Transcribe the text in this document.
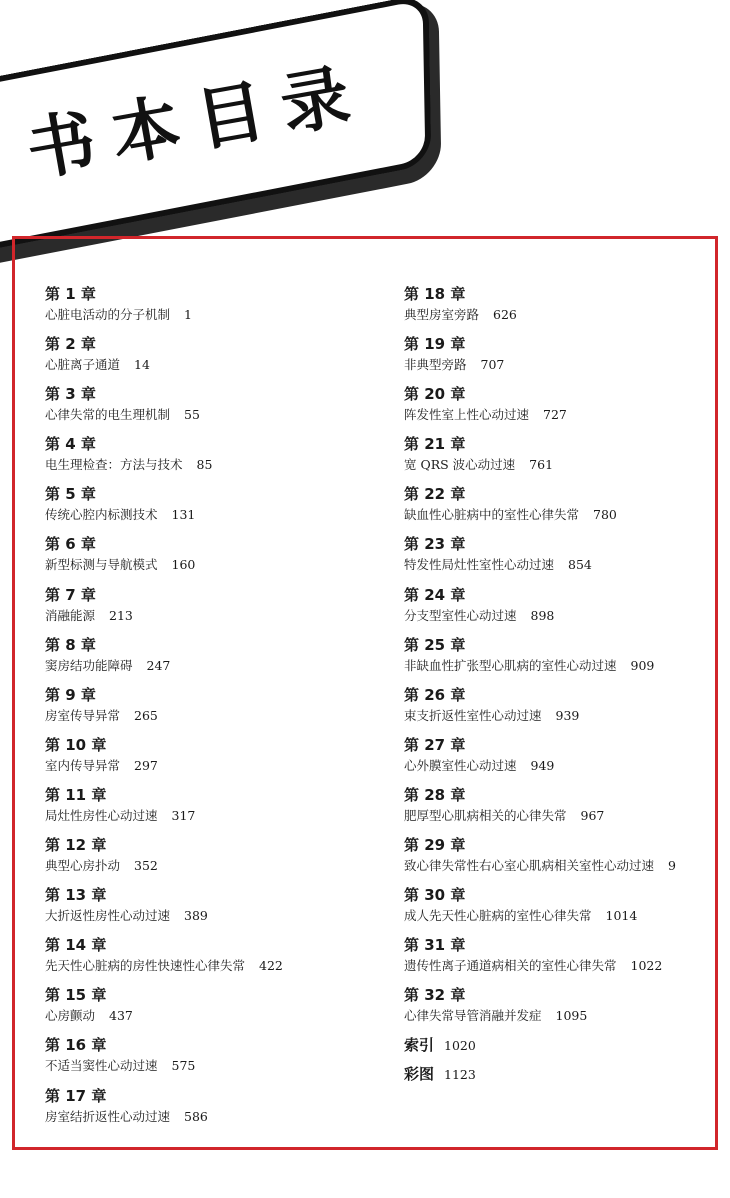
书本目录
第 1 章
心脏电活动的分子机制 1
第 2 章
心脏离子通道 14
第 3 章
心律失常的电生理机制 55
第 4 章
电生理检查：方法与技术 85
第 5 章
传统心腔内标测技术 131
第 6 章
新型标测与导航模式 160
第 7 章
消融能源 213
第 8 章
窦房结功能障碍 247
第 9 章
房室传导异常 265
第 10 章
室内传导异常 297
第 11 章
局灶性房性心动过速 317
第 12 章
典型心房扑动 352
第 13 章
大折返性房性心动过速 389
第 14 章
先天性心脏病的房性快速性心律失常 422
第 15 章
心房颤动 437
第 16 章
不适当窦性心动过速 575
第 17 章
房室结折返性心动过速 586
第 18 章
典型房室旁路 626
第 19 章
非典型旁路 707
第 20 章
阵发性室上性心动过速 727
第 21 章
宽 QRS 波心动过速 761
第 22 章
缺血性心脏病中的室性心律失常 780
第 23 章
特发性局灶性室性心动过速 854
第 24 章
分支型室性心动过速 898
第 25 章
非缺血性扩张型心肌病的室性心动过速 909
第 26 章
束支折返性室性心动过速 939
第 27 章
心外膜室性心动过速 949
第 28 章
肥厚型心肌病相关的心律失常 967
第 29 章
致心律失常性右心室心肌病相关室性心动过速 9
第 30 章
成人先天性心脏病的室性心律失常 1014
第 31 章
遗传性离子通道病相关的室性心律失常 1022
第 32 章
心律失常导管消融并发症 1095
索引 1020
彩图 1123
